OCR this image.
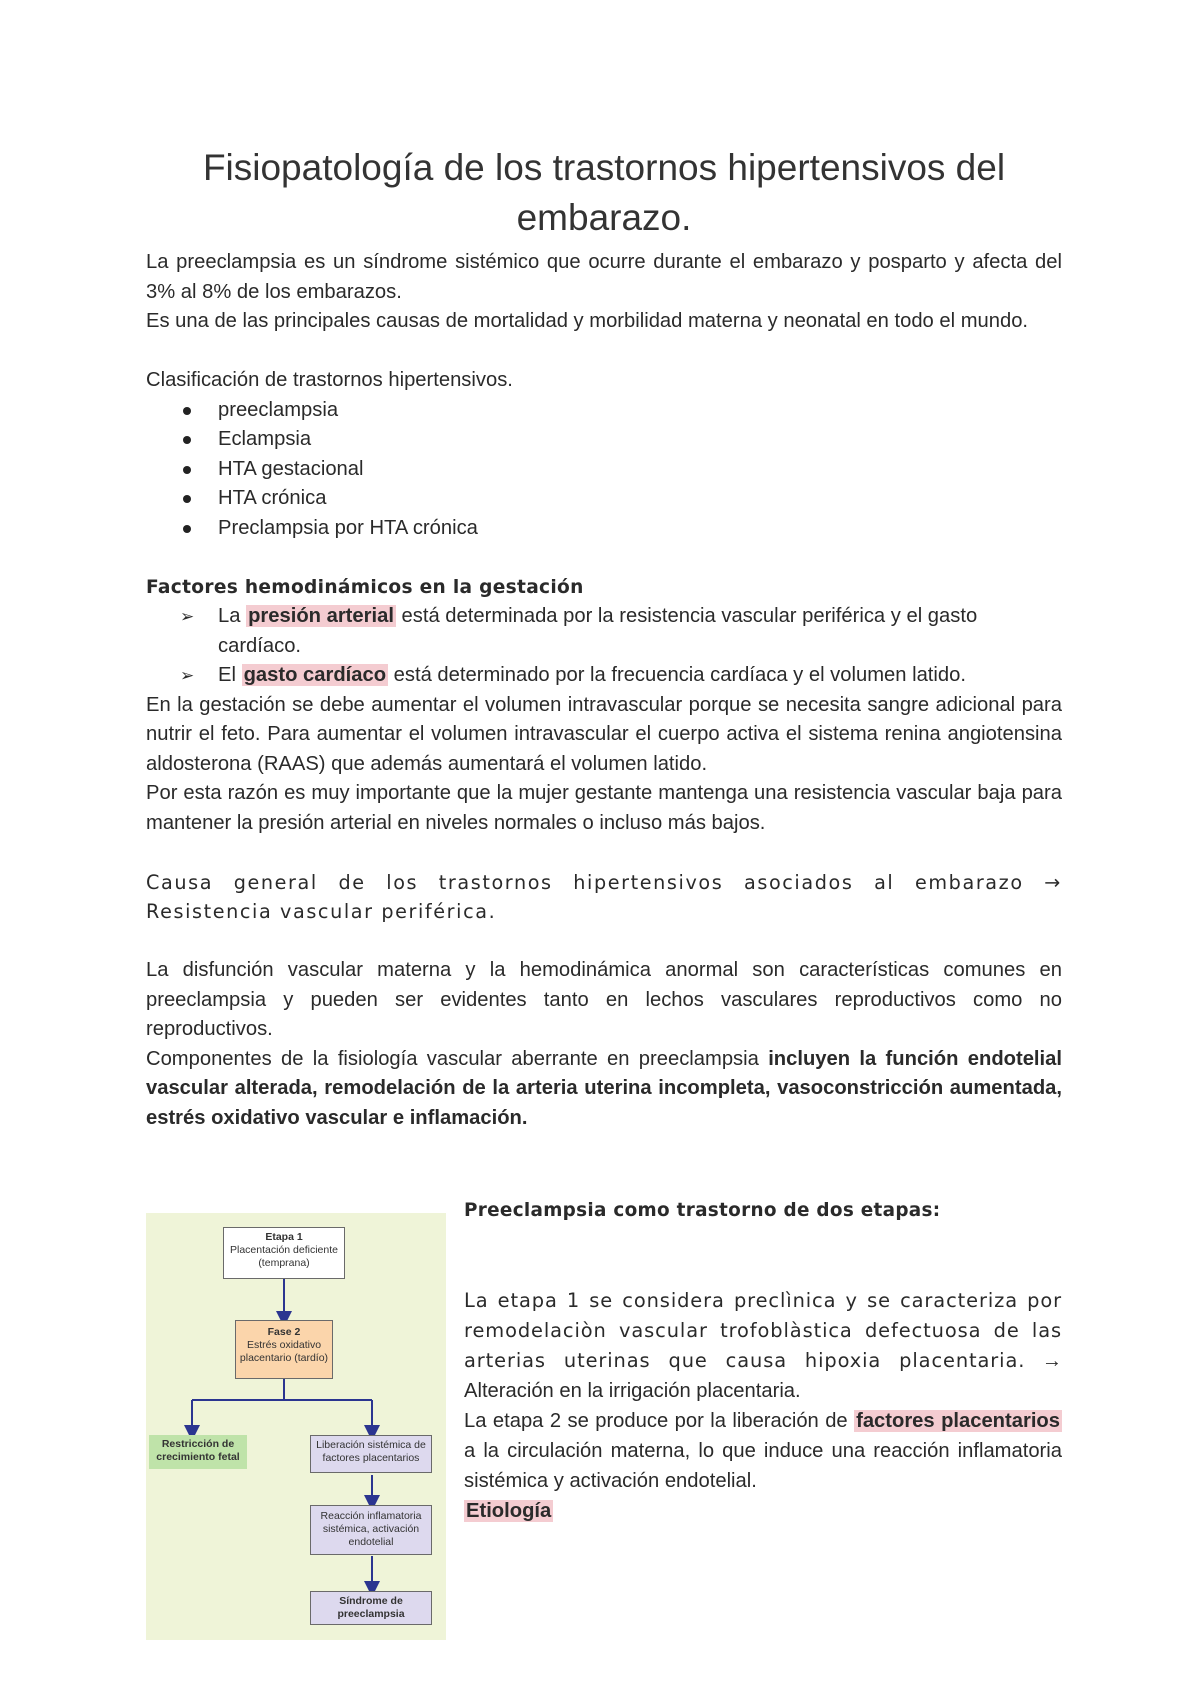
Fisiopatología de los trastornos hipertensivos del embarazo.

La preeclampsia es un síndrome sistémico que ocurre durante el embarazo y posparto y afecta del 3% al 8% de los embarazos.

Es una de las principales causas de mortalidad y morbilidad materna y neonatal en todo el mundo.

Clasificación de trastornos hipertensivos.

preeclampsia
Eclampsia
HTA gestacional
HTA crónica
Preclampsia por HTA crónica

Factores hemodinámicos en la gestación

➢ La presión arterial está determinada por la resistencia vascular periférica y el gasto cardíaco.
➢ El gasto cardíaco está determinado por la frecuencia cardíaca y el volumen latido.

En la gestación se debe aumentar el volumen intravascular porque se necesita sangre adicional para nutrir el feto. Para aumentar el volumen intravascular el cuerpo activa el sistema renina angiotensina aldosterona (RAAS) que además aumentará el volumen latido.

Por esta razón es muy importante que la mujer gestante mantenga una resistencia vascular baja para mantener la presión arterial en niveles normales o incluso más bajos.

Causa general de los trastornos hipertensivos asociados al embarazo → Resistencia vascular periférica.

La disfunción vascular materna y la hemodinámica anormal son características comunes en preeclampsia y pueden ser evidentes tanto en lechos vasculares reproductivos como no reproductivos.

Componentes de la fisiología vascular aberrante en preeclampsia incluyen la función endotelial vascular alterada, remodelación de la arteria uterina incompleta, vasoconstricción aumentada, estrés oxidativo vascular e inflamación.

Etapa 1
Placentación deficiente (temprana)
Fase 2
Estrés oxidativo placentario (tardío)
Restricción de crecimiento fetal
Liberación sistémica de factores placentarios
Reacción inflamatoria sistémica, activación endotelial
Síndrome de preeclampsia

Preeclampsia como trastorno de dos etapas:

La etapa 1 se considera preclìnica y se caracteriza por remodelaciòn vascular trofoblàstica defectuosa de las arterias uterinas que causa hipoxia placentaria. → Alteración en la irrigación placentaria.

La etapa 2 se produce por la liberación de factores placentarios a la circulación materna, lo que induce una reacción inflamatoria sistémica y activación endotelial.

Etiología
